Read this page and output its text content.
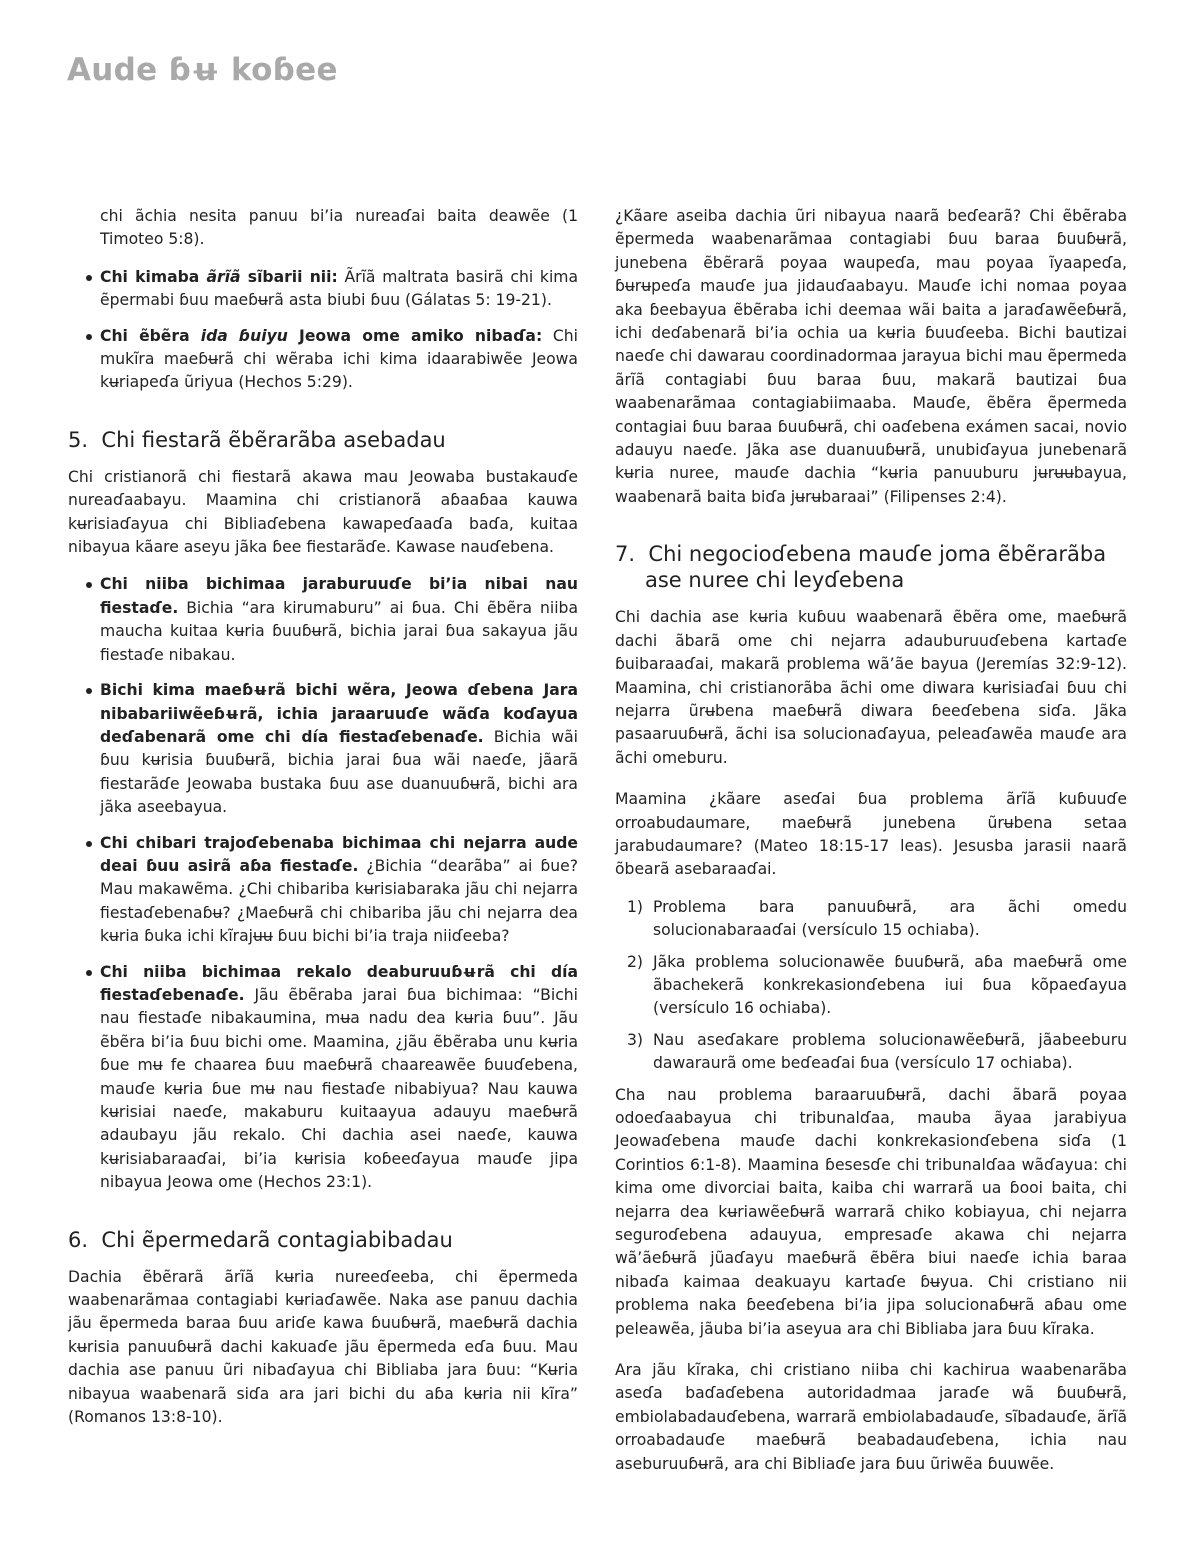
Aude ɓʉ koɓee

chi ãchia nesita panuu bi’ia nureaɗai baita deawẽe (1 Timoteo 5:8).

Chi kimaba ãrĩã sĩbarii nii: Ãrĩã maltrata basirã chi kima ẽpermabi ɓuu maeɓʉrã asta biubi ɓuu (Gálatas 5: 19-21).
Chi ẽbẽra ida ɓuiyu Jeowa ome amiko nibaɗa: Chi mukĩra maeɓʉrã chi wẽraba ichi kima idaarabiwẽe Jeowa kʉriapeɗa ũriyua (Hechos 5:29).
5. Chi fiestarã ẽbẽrarãba asebadau

Chi cristianorã chi fiestarã akawa mau Jeowaba bustakauɗe nureaɗaabayu. Maamina chi cristianorã aɓaaɓaa kauwa kʉrisiaɗayua chi Bibliaɗebena kawapeɗaaɗa baɗa, kuitaa nibayua kãare aseyu jãka ɓee fiestarãɗe. Kawase nauɗebena.

Chi niiba bichimaa jaraburuuɗe bi’ia nibai nau fiestaɗe. Bichia “ara kirumaburu” ai ɓua. Chi ẽbẽra niiba maucha kuitaa kʉria ɓuuɓʉrã, bichia jarai ɓua sakayua jãu fiestaɗe nibakau.
Bichi kima maeɓʉrã bichi wẽra, Jeowa ɗebena Jara nibabariiwẽeɓʉrã, ichia jaraaruuɗe wãɗa koɗayua deɗabenarã ome chi día fiestaɗebenaɗe. Bichia wãi ɓuu kʉrisia ɓuuɓʉrã, bichia jarai ɓua wãi naeɗe, jãarã fiestarãɗe Jeowaba bustaka ɓuu ase duanuuɓʉrã, bichi ara jãka aseebayua.
Chi chibari trajoɗebenaba bichimaa chi nejarra aude deai ɓuu asirã aɓa fiestaɗe. ¿Bichia “dearãba” ai ɓue? Mau makawẽma. ¿Chi chibariba kʉrisiabaraka jãu chi nejarra fiestaɗebenaɓʉ? ¿Maeɓʉrã chi chibariba jãu chi nejarra dea kʉria ɓuka ichi kĩrajʉʉ ɓuu bichi bi’ia traja niiɗeeba?
Chi niiba bichimaa rekalo deaburuuɓʉrã chi día fiestaɗebenaɗe. Jãu ẽbẽraba jarai ɓua bichimaa: “Bichi nau fiestaɗe nibakaumina, mʉa nadu dea kʉria ɓuu”. Jãu ẽbẽra bi’ia ɓuu bichi ome. Maamina, ¿jãu ẽbẽraba unu kʉria ɓue mʉ fe chaarea ɓuu maeɓʉrã chaareawẽe ɓuuɗebena, mauɗe kʉria ɓue mʉ nau fiestaɗe nibabiyua? Nau kauwa kʉrisiai naeɗe, makaburu kuitaayua adauyu maeɓʉrã adaubayu jãu rekalo. Chi dachia asei naeɗe, kauwa kʉrisiabaraaɗai, bi’ia kʉrisia koɓeeɗayua mauɗe jipa nibayua Jeowa ome (Hechos 23:1).
6. Chi ẽpermedarã contagiabibadau

Dachia ẽbẽrarã ãrĩã kʉria nureeɗeeba, chi ẽpermeda waabenarãmaa contagiabi kʉriaɗawẽe. Naka ase panuu dachia jãu ẽpermeda baraa ɓuu ariɗe kawa ɓuuɓʉrã, maeɓʉrã dachia kʉrisia panuuɓʉrã dachi kakuaɗe jãu ẽpermeda eɗa ɓuu. Mau dachia ase panuu ũri nibaɗayua chi Bibliaba jara ɓuu: “Kʉria nibayua waabenarã siɗa ara jari bichi du aɓa kʉria nii kĩra” (Romanos 13:8-10).

¿Kãare aseiba dachia ũri nibayua naarã beɗearã? Chi ẽbẽraba ẽpermeda waabenarãmaa contagiabi ɓuu baraa ɓuuɓʉrã, junebena ẽbẽrarã poyaa waupeɗa, mau poyaa ĩyaapeɗa, ɓʉrʉpeɗa mauɗe jua jidauɗaabayu. Mauɗe ichi nomaa poyaa aka ɓeebayua ẽbẽraba ichi deemaa wãi baita a jaraɗawẽeɓʉrã, ichi deɗabenarã bi’ia ochia ua kʉria ɓuuɗeeba. Bichi bautizai naeɗe chi dawarau coordinadormaa jarayua bichi mau ẽpermeda ãrĩã contagiabi ɓuu baraa ɓuu, makarã bautizai ɓua waabenarãmaa contagiabiimaaba. Mauɗe, ẽbẽra ẽpermeda contagiai ɓuu baraa ɓuuɓʉrã, chi oaɗebena exámen sacai, novio adauyu naeɗe. Jãka ase duanuuɓʉrã, unubiɗayua junebenarã kʉria nuree, mauɗe dachia “kʉria panuuburu jʉrʉʉbayua, waabenarã baita biɗa jʉrʉbaraai” (Filipenses 2:4).

7. Chi negocioɗebena mauɗe joma ẽbẽrarãba ase nuree chi leyɗebena

Chi dachia ase kʉria kuɓuu waabenarã ẽbẽra ome, maeɓʉrã dachi ãbarã ome chi nejarra adauburuuɗebena kartaɗe ɓuibaraaɗai, makarã problema wã’ãe bayua (Jeremías 32:9-12). Maamina, chi cristianorãba ãchi ome diwara kʉrisiaɗai ɓuu chi nejarra ũrʉbena maeɓʉrã diwara ɓeeɗebena siɗa. Jãka pasaaruuɓʉrã, ãchi isa solucionaɗayua, peleaɗawẽa mauɗe ara ãchi omeburu.

Maamina ¿kãare aseɗai ɓua problema ãrĩã kuɓuuɗe orroabudaumare, maeɓʉrã junebena ũrʉbena setaa jarabudaumare? (Mateo 18:15-17 leas). Jesusba jarasii naarã õbearã asebaraaɗai.

1) Problema bara panuuɓʉrã, ara ãchi omedu solucionabaraaɗai (versículo 15 ochiaba).
2) Jãka problema solucionawẽe ɓuuɓʉrã, aɓa maeɓʉrã ome ãbachekerã konkrekasionɗebena iui ɓua kõpaeɗayua (versículo 16 ochiaba).
3) Nau aseɗakare problema solucionawẽeɓʉrã, jãabeeburu dawaraurã ome beɗeaɗai ɓua (versículo 17 ochiaba).

Cha nau problema baraaruuɓʉrã, dachi ãbarã poyaa odoeɗaabayua chi tribunalɗaa, mauba ãyaa jarabiyua Jeowaɗebena mauɗe dachi konkrekasionɗebena siɗa (1 Corintios 6:1-8). Maamina ɓesesɗe chi tribunalɗaa wãɗayua: chi kima ome divorciai baita, kaiba chi warrarã ua ɓooi baita, chi nejarra dea kʉriawẽeɓʉrã warrarã chiko kobiayua, chi nejarra seguroɗebena adauyua, empresaɗe akawa chi nejarra wã’ãeɓʉrã jũaɗayu maeɓʉrã ẽbẽra biui naeɗe ichia baraa nibaɗa kaimaa deakuayu kartaɗe ɓʉyua. Chi cristiano nii problema naka ɓeeɗebena bi’ia jipa solucionaɓʉrã aɓau ome peleawẽa, jãuba bi’ia aseyua ara chi Bibliaba jara ɓuu kĩraka.

Ara jãu kĩraka, chi cristiano niiba chi kachirua waabenarãba aseɗa baɗaɗebena autoridadmaa jaraɗe wã ɓuuɓʉrã, embiolabadauɗebena, warrarã embiolabadauɗe, sĩbadauɗe, ãrĩã orroabadauɗe maeɓʉrã beabadauɗebena, ichia nau aseburuuɓʉrã, ara chi Bibliaɗe jara ɓuu ũriwẽa ɓuuwẽe.
